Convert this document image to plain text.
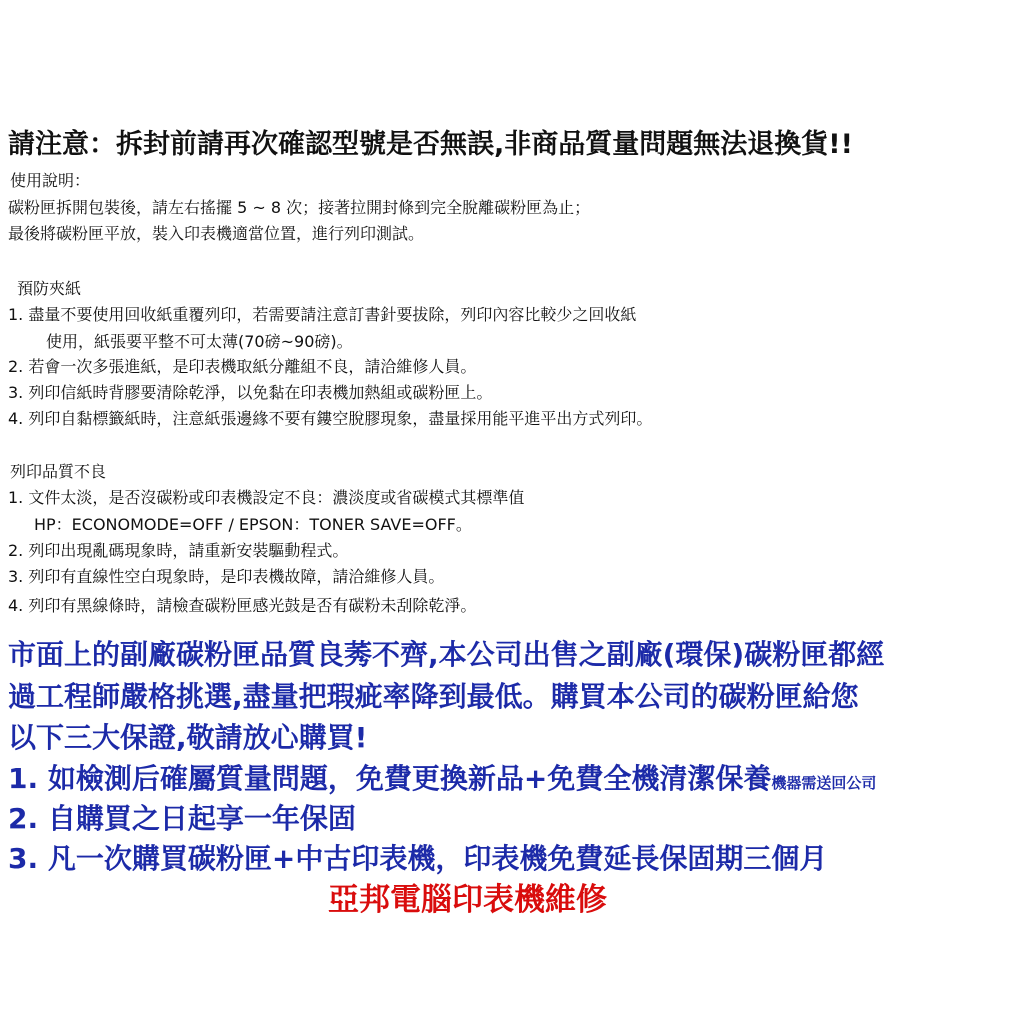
請注意：拆封前請再次確認型號是否無誤,非商品質量問題無法退換貨!!
使用說明：
碳粉匣拆開包裝後，請左右搖擺 5 ~ 8 次；接著拉開封條到完全脫離碳粉匣為止；
最後將碳粉匣平放，裝入印表機適當位置，進行列印測試。
預防夾紙
1. 盡量不要使用回收紙重覆列印，若需要請注意訂書針要拔除，列印內容比較少之回收紙
使用，紙張要平整不可太薄(70磅~90磅)。
2. 若會一次多張進紙，是印表機取紙分離組不良，請洽維修人員。
3. 列印信紙時背膠要清除乾淨，以免黏在印表機加熱組或碳粉匣上。
4. 列印自黏標籤紙時，注意紙張邊緣不要有鏤空脫膠現象，盡量採用能平進平出方式列印。
列印品質不良
1. 文件太淡，是否沒碳粉或印表機設定不良：濃淡度或省碳模式其標準值
HP：ECONOMODE=OFF / EPSON：TONER SAVE=OFF。
2. 列印出現亂碼現象時，請重新安裝驅動程式。
3. 列印有直線性空白現象時，是印表機故障，請洽維修人員。
4. 列印有黑線條時，請檢查碳粉匣感光鼓是否有碳粉未刮除乾淨。
市面上的副廠碳粉匣品質良莠不齊,本公司出售之副廠(環保)碳粉匣都經
過工程師嚴格挑選,盡量把瑕疵率降到最低。購買本公司的碳粉匣給您
以下三大保證,敬請放心購買!
1. 如檢測后確屬質量問題，免費更換新品+免費全機清潔保養機器需送回公司
2. 自購買之日起享一年保固
3. 凡一次購買碳粉匣+中古印表機，印表機免費延長保固期三個月
亞邦電腦印表機維修
